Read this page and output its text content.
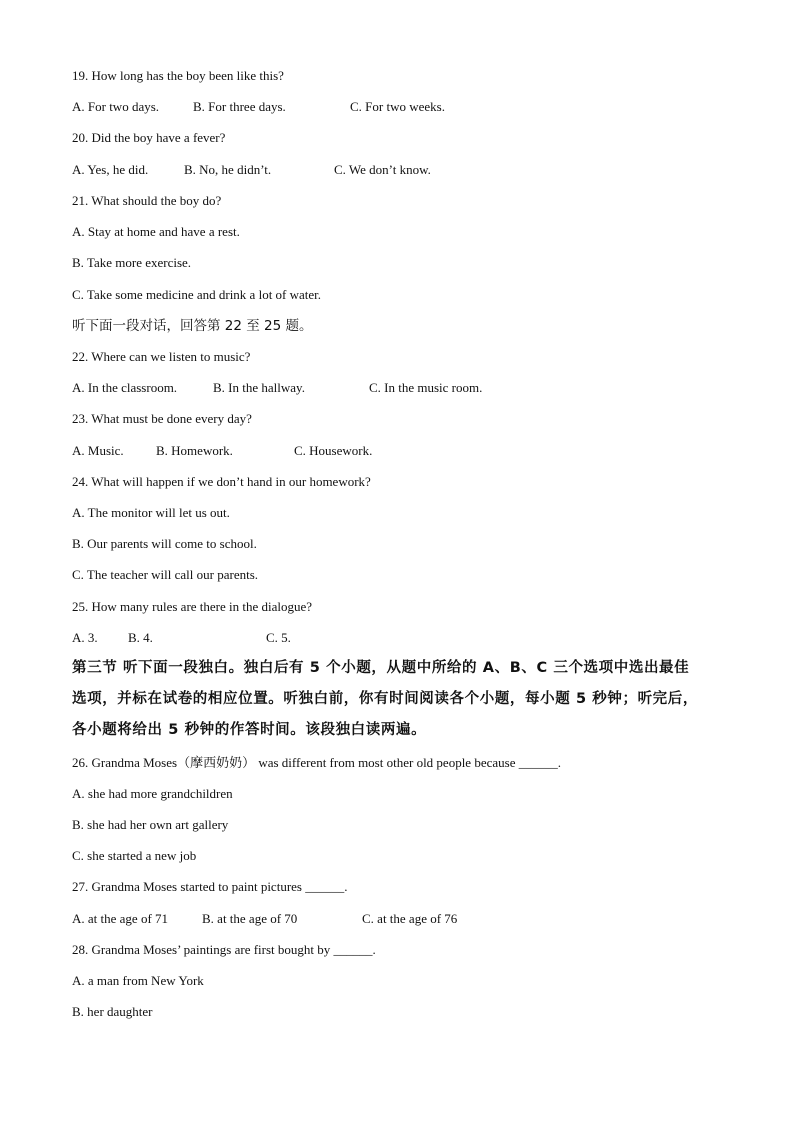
19. How long has the boy been like this?
A. For two days.	B. For three days.	C. For two weeks.
20. Did the boy have a fever?
A. Yes, he did.	B. No, he didn’t.	C. We don’t know.
21. What should the boy do?
A. Stay at home and have a rest.
B. Take more exercise.
C. Take some medicine and drink a lot of water.
听下面一段对话，回答第 22 至 25 题。
22. Where can we listen to music?
A. In the classroom.	B. In the hallway.	C. In the music room.
23. What must be done every day?
A. Music. B. Homework.	C. Housework.
24. What will happen if we don’t hand in our homework?
A. The monitor will let us out.
B. Our parents will come to school.
C. The teacher will call our parents.
25. How many rules are there in the dialogue?
A. 3. B. 4.	C. 5.
第三节 听下面一段独白。独白后有 5 个小题，从题中所给的 A、B、C 三个选项中选出最佳
选项，并标在试卷的相应位置。听独白前，你有时间阅读各个小题，每小题 5 秒钟；听完后，
各小题将给出 5 秒钟的作答时间。该段独白读两遍。
26. Grandma Moses（摩西奶奶） was different from most other old people because ______.
A. she had more grandchildren
B. she had her own art gallery
C. she started a new job
27. Grandma Moses started to paint pictures ______.
A. at the age of 71	B. at the age of 70	C. at the age of 76
28. Grandma Moses’ paintings are first bought by ______.
A. a man from New York
B. her daughter
